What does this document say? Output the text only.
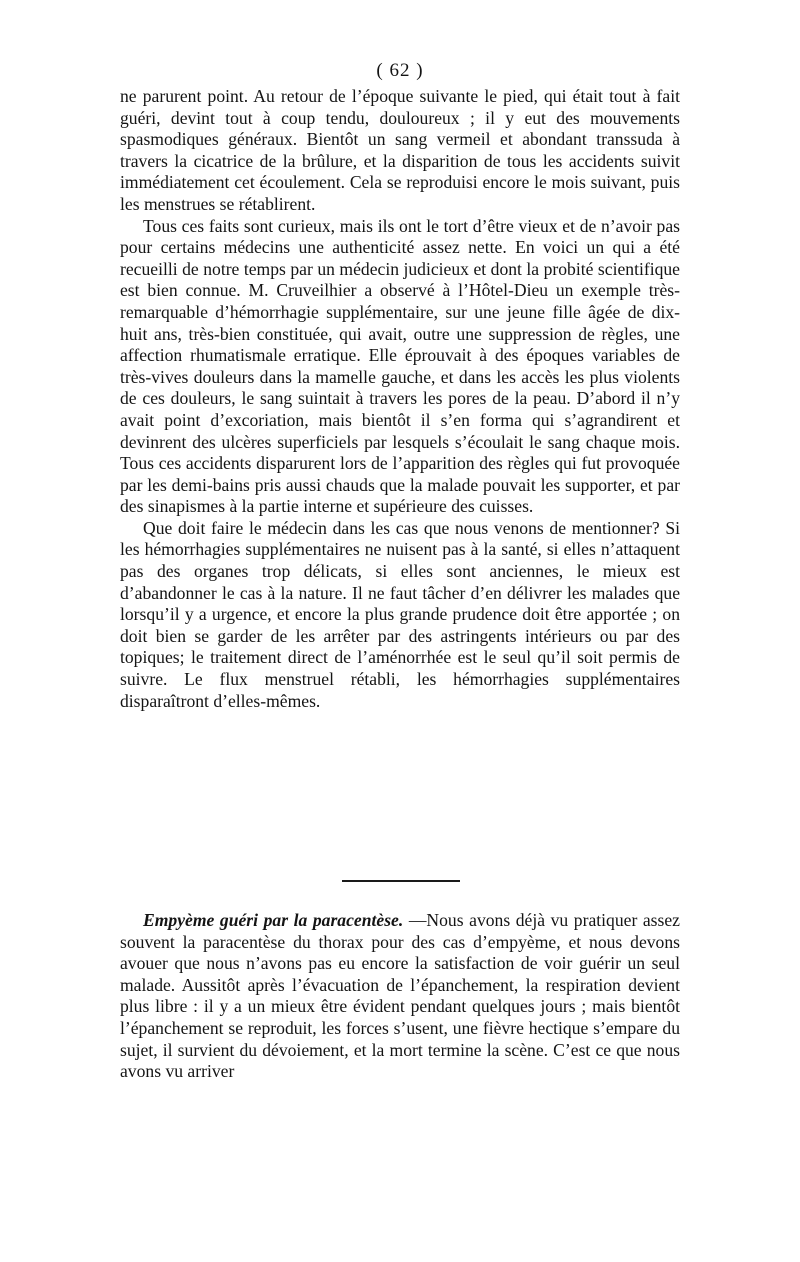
( 62 )

ne parurent point. Au retour de l’époque suivante le pied, qui était tout à fait guéri, devint tout à coup tendu, douloureux ; il y eut des mouvements spasmodiques généraux. Bientôt un sang vermeil et abondant transsuda à travers la cicatrice de la brûlure, et la disparition de tous les accidents suivit immédiatement cet écoulement. Cela se reproduisi encore le mois suivant, puis les menstrues se rétablirent.

Tous ces faits sont curieux, mais ils ont le tort d’être vieux et de n’avoir pas pour certains médecins une authenticité assez nette. En voici un qui a été recueilli de notre temps par un médecin judicieux et dont la probité scientifique est bien connue. M. Cruveilhier a observé à l’Hôtel-Dieu un exemple très-remarquable d’hémorrhagie supplémentaire, sur une jeune fille âgée de dix-huit ans, très-bien constituée, qui avait, outre une suppression de règles, une affection rhumatismale erratique. Elle éprouvait à des époques variables de très-vives douleurs dans la mamelle gauche, et dans les accès les plus violents de ces douleurs, le sang suintait à travers les pores de la peau. D’abord il n’y avait point d’excoriation, mais bientôt il s’en forma qui s’agrandirent et devinrent des ulcères superficiels par lesquels s’écoulait le sang chaque mois. Tous ces accidents disparurent lors de l’apparition des règles qui fut provoquée par les demi-bains pris aussi chauds que la malade pouvait les supporter, et par des sinapismes à la partie interne et supérieure des cuisses.

Que doit faire le médecin dans les cas que nous venons de mentionner? Si les hémorrhagies supplémentaires ne nuisent pas à la santé, si elles n’attaquent pas des organes trop délicats, si elles sont anciennes, le mieux est d’abandonner le cas à la nature. Il ne faut tâcher d’en délivrer les malades que lorsqu’il y a urgence, et encore la plus grande prudence doit être apportée ; on doit bien se garder de les arrêter par des astringents intérieurs ou par des topiques; le traitement direct de l’aménorrhée est le seul qu’il soit permis de suivre. Le flux menstruel rétabli, les hémorrhagies supplémentaires disparaîtront d’elles-mêmes.

Empyème guéri par la paracentèse. —Nous avons déjà vu pratiquer assez souvent la paracentèse du thorax pour des cas d’empyème, et nous devons avouer que nous n’avons pas eu encore la satisfaction de voir guérir un seul malade. Aussitôt après l’évacuation de l’épanchement, la respiration devient plus libre : il y a un mieux être évident pendant quelques jours ; mais bientôt l’épanchement se reproduit, les forces s’usent, une fièvre hectique s’empare du sujet, il survient du dévoiement, et la mort termine la scène. C’est ce que nous avons vu arriver
